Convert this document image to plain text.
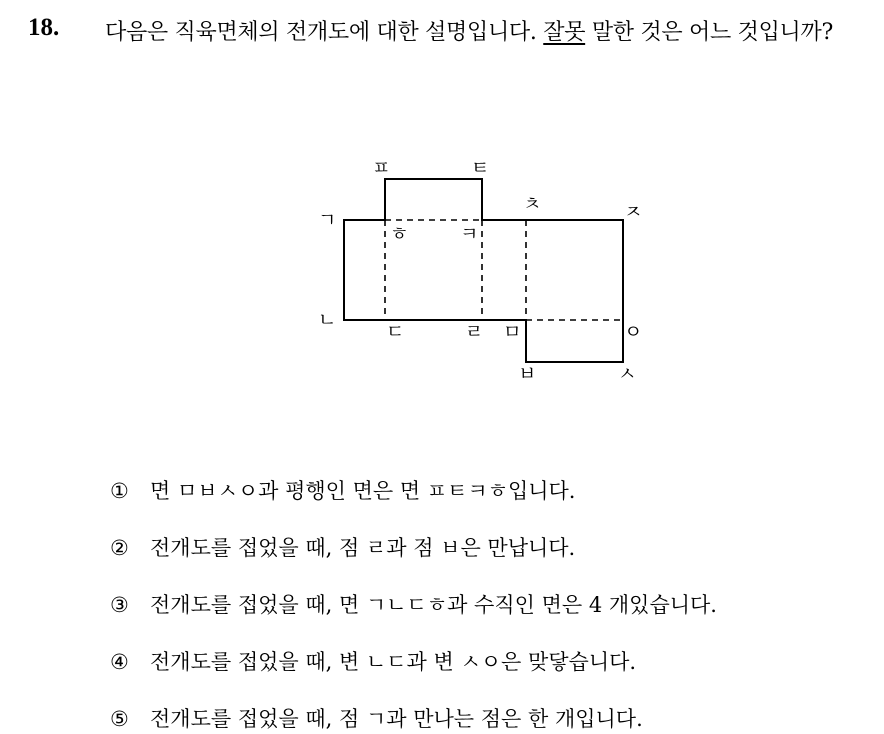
18. 다음은 직육면체의 전개도에 대한 설명입니다. 잘못 말한 것은 어느 것입니까?
ㅍ	ㅌ
ㅊ	ㅈ
ㄱ
ㅎ	ㅋ
ㄴ
ㄷ	ㄹ ㅁ	ㅇ
ㅂ	ㅅ
① 면 ㅁㅂㅅㅇ과 평행인 면은 면 ㅍㅌㅋㅎ입니다.
② 전개도를 접었을 때, 점 ㄹ과 점 ㅂ은 만납니다.
③ 전개도를 접었을 때, 면 ㄱㄴㄷㅎ과 수직인 면은 4 개있습니다.
④ 전개도를 접었을 때, 변 ㄴㄷ과 변 ㅅㅇ은 맞닿습니다.
⑤ 전개도를 접었을 때, 점 ㄱ과 만나는 점은 한 개입니다.
